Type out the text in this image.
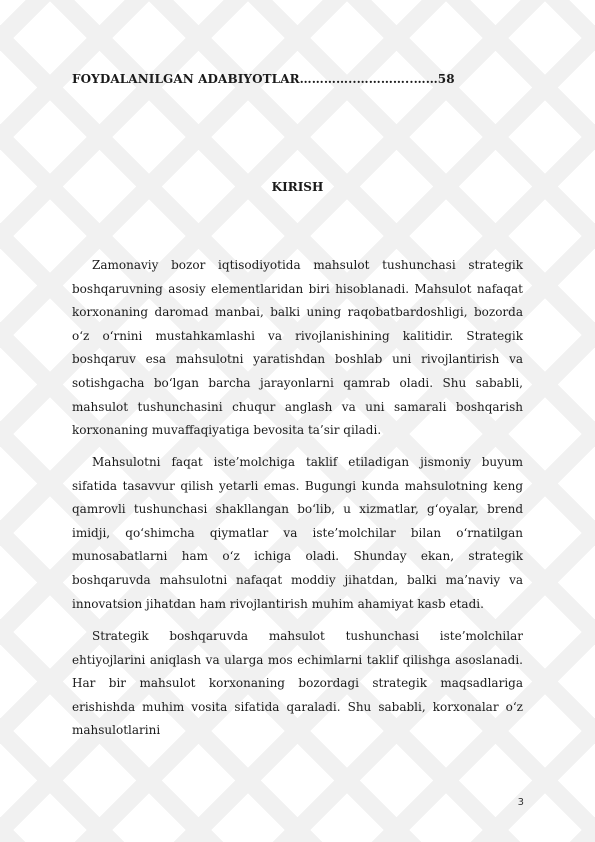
FOYDALANILGAN ADABIYOTLAR…………..…………..……58
KIRISH

Zamonaviy bozor iqtisodiyotida mahsulot tushunchasi strategik boshqaruvning asosiy elementlaridan biri hisoblanadi. Mahsulot nafaqat korxonaning daromad manbai, balki uning raqobatbardoshligi, bozorda o‘z o‘rnini mustahkamlashi va rivojlanishining kalitidir. Strategik boshqaruv esa mahsulotni yaratishdan boshlab uni rivojlantirish va sotishgacha bo‘lgan barcha jarayonlarni qamrab oladi. Shu sababli, mahsulot tushunchasini chuqur anglash va uni samarali boshqarish korxonaning muvaffaqiyatiga bevosita ta’sir qiladi.

Mahsulotni faqat iste’molchiga taklif etiladigan jismoniy buyum sifatida tasavvur qilish yetarli emas. Bugungi kunda mahsulotning keng qamrovli tushunchasi shakllangan bo‘lib, u xizmatlar, g‘oyalar, brend imidji, qo‘shimcha qiymatlar va iste’molchilar bilan o‘rnatilgan munosabatlarni ham o‘z ichiga oladi. Shunday ekan, strategik boshqaruvda mahsulotni nafaqat moddiy jihatdan, balki ma’naviy va innovatsion jihatdan ham rivojlantirish muhim ahamiyat kasb etadi.

Strategik boshqaruvda mahsulot tushunchasi iste’molchilar ehtiyojlarini aniqlash va ularga mos echimlarni taklif qilishga asoslanadi. Har bir mahsulot korxonaning bozordagi strategik maqsadlariga erishishda muhim vosita sifatida qaraladi. Shu sababli, korxonalar o‘z mahsulotlarini

3
